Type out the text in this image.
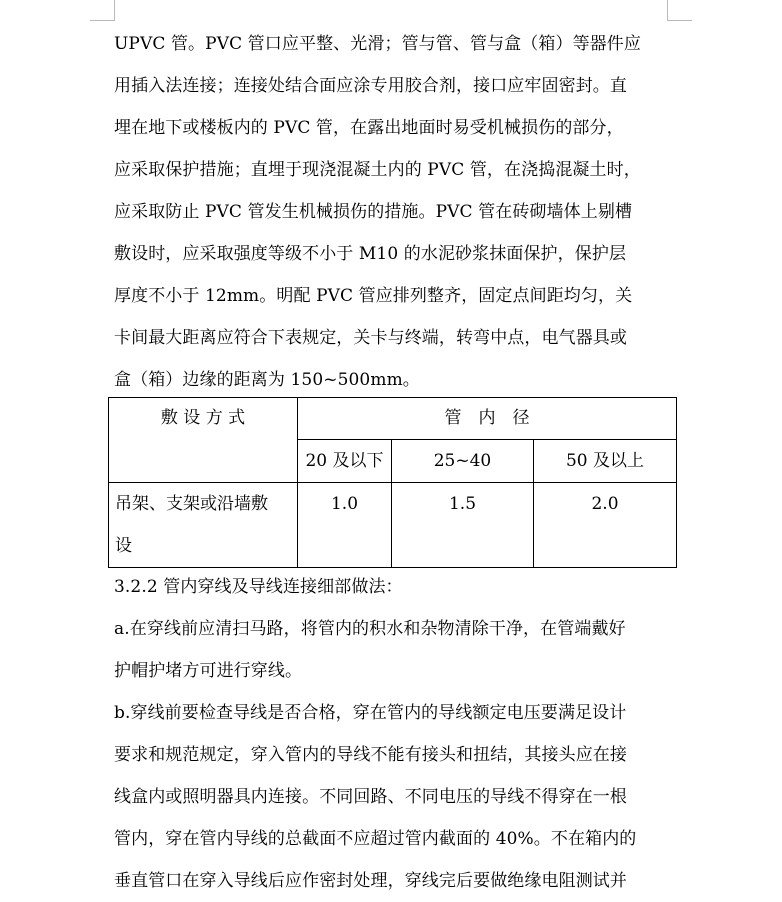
UPVC 管。PVC 管口应平整、光滑；管与管、管与盒（箱）等器件应
用插入法连接；连接处结合面应涂专用胶合剂，接口应牢固密封。直
埋在地下或楼板内的 PVC 管，在露出地面时易受机械损伤的部分，
应采取保护措施；直埋于现浇混凝土内的 PVC 管，在浇捣混凝土时，
应采取防止 PVC 管发生机械损伤的措施。PVC 管在砖砌墙体上剔槽
敷设时，应采取强度等级不小于 M10 的水泥砂浆抹面保护，保护层
厚度不小于 12mm。明配 PVC 管应排列整齐，固定点间距均匀，关
卡间最大距离应符合下表规定，关卡与终端，转弯中点，电气器具或
盒（箱）边缘的距离为 150~500mm。
敷 设 方 式	管　内　径		
	20 及以下	25~40	50 及以上

吊架、支架或沿墙敷
设	1.0	1.5	2.0
3.2.2 管内穿线及导线连接细部做法：
a.在穿线前应清扫马路，将管内的积水和杂物清除干净，在管端戴好
护帽护堵方可进行穿线。
b.穿线前要检查导线是否合格，穿在管内的导线额定电压要满足设计
要求和规范规定，穿入管内的导线不能有接头和扭结，其接头应在接
线盒内或照明器具内连接。不同回路、不同电压的导线不得穿在一根
管内，穿在管内导线的总截面不应超过管内截面的 40%。不在箱内的
垂直管口在穿入导线后应作密封处理，穿线完后要做绝缘电阻测试并
